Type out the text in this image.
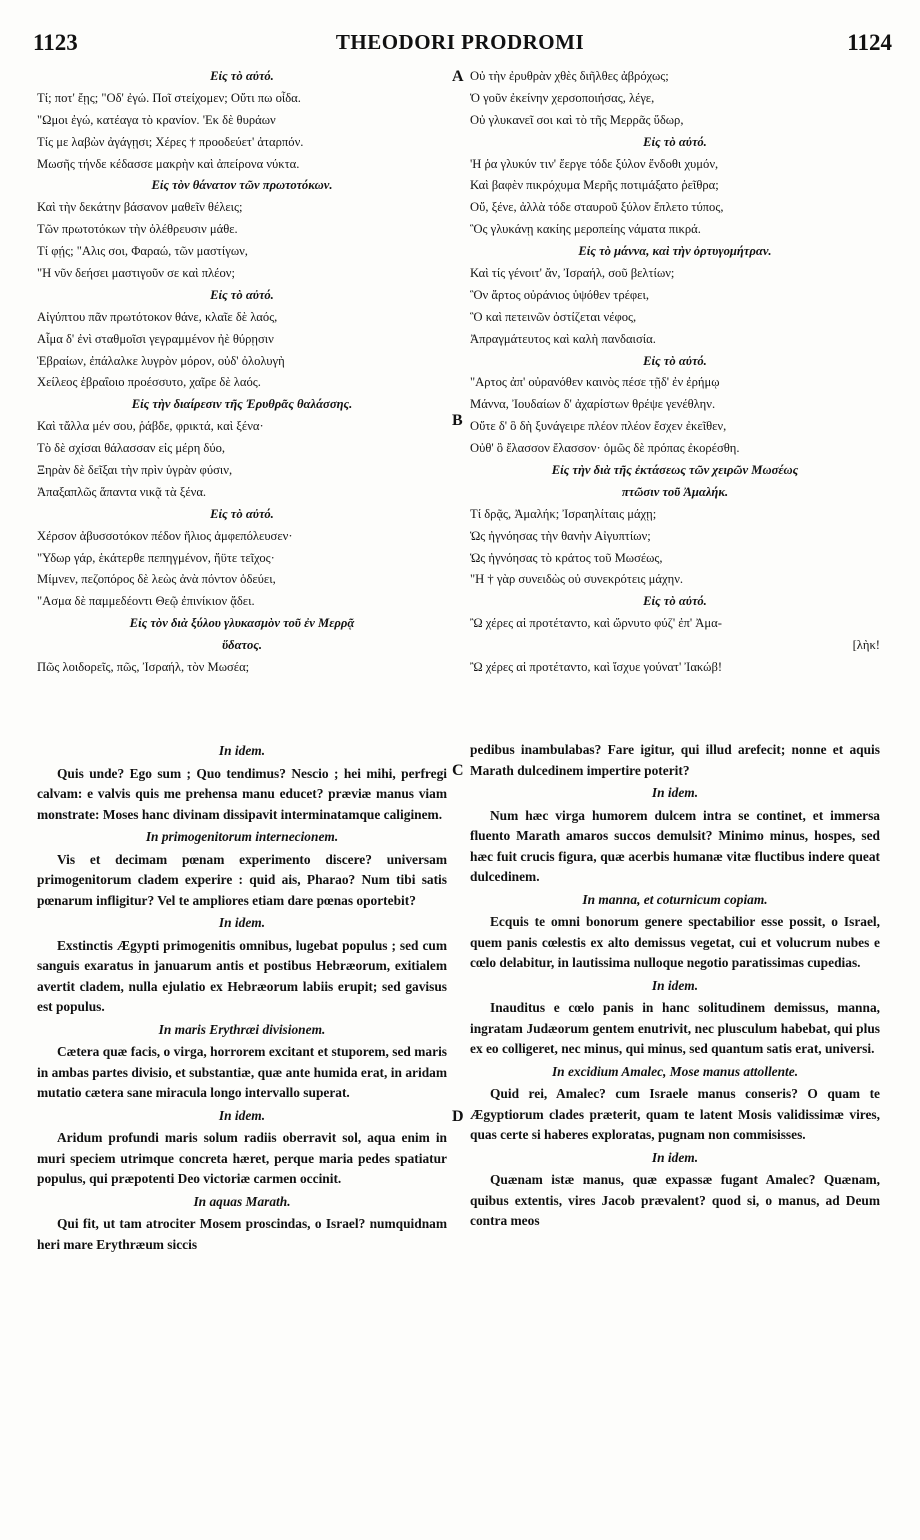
1123	THEODORI PRODROMI	1124
A
B
C
D
Εἰς τὸ αὐτό.
Τί; ποτ' ἔῃς; "Οδ' ἐγώ. Ποῖ στείχομεν; Οὔτι πω οἶδα.
"Ωμοι ἐγώ, κατέαγα τὸ κρανίον. 'Εκ δὲ θυράων
Τίς με λαβὼν ἀγάγῃσι; Χέρες † προοδεύετ' ἀταρπόν.
Μωσῆς τήνδε κέδασσε μακρὴν καὶ ἀπείρονα νύκτα.
Εἰς τὸν θάνατον τῶν πρωτοτόκων.
Καὶ τὴν δεκάτην βάσανον μαθεῖν θέλεις;
Τῶν πρωτοτόκων τὴν ὀλέθρευσιν μάθε.
Τί φῄς; "Αλις σοι, Φαραώ, τῶν μαστίγων,
"Η νῦν δεήσει μαστιγοῦν σε καὶ πλέον;
Εἰς τὸ αὐτό.
Αἰγύπτου πᾶν πρωτότοκον θάνε, κλαῖε δὲ λαός,
Αἷμα δ' ἐνὶ σταθμοῖσι γεγραμμένον ἠὲ θύρῃσιν
Ἑβραίων, ἐπάλαλκε λυγρὸν μόρον, οὐδ' ὀλολυγὴ
Χείλεος ἑβραΐοιο προέσσυτο, χαῖρε δὲ λαός.
Εἰς τὴν διαίρεσιν τῆς Ἐρυθρᾶς θαλάσσης.
Καὶ τἄλλα μέν σου, ῥάβδε, φρικτά, καὶ ξένα·
Τὸ δὲ σχίσαι θάλασσαν εἰς μέρη δύο,
Ξηρὰν δὲ δεῖξαι τὴν πρὶν ὑγρὰν φύσιν,
Ἀπαξαπλῶς ἅπαντα νικᾷ τὰ ξένα.
Εἰς τὸ αὐτό.
Χέρσον ἀβυσσοτόκον πέδον ἥλιος ἀμφεπόλευσεν·
"Υδωρ γάρ, ἑκάτερθε πεπηγμένον, ἤϋτε τεῖχος·
Μίμνεν, πεζοπόρος δὲ λεὼς ἀνὰ πόντον ὁδεύει,
"Ασμα δὲ παμμεδέοντι Θεῷ ἐπινίκιον ᾄδει.
Εἰς τὸν διὰ ξύλου γλυκασμὸν τοῦ ἐν Μερρᾷ
ὕδατος.
Πῶς λοιδορεῖς, πῶς, Ἰσραήλ, τὸν Μωσέα;
Οὐ τὴν ἐρυθρὰν χθὲς διῆλθες ἀβρόχως;
Ὁ γοῦν ἐκείνην χερσοποιήσας, λέγε,
Οὐ γλυκανεῖ σοι καὶ τὸ τῆς Μερρᾶς ὕδωρ,
Εἰς τὸ αὐτό.
'Η ῥα γλυκύν τιν' ἔεργε τόδε ξύλον ἔνδοθι χυμόν,
Καὶ βαφὲν πικρόχυμα Μερῆς ποτιμάξατο ῥεῖθρα;
Οὔ, ξένε, ἀλλὰ τόδε σταυροῦ ξύλον ἔπλετο τύπος,
Ὃς γλυκάνῃ κακίης μεροπείης νάματα πικρά.
Εἰς τὸ μάννα, καὶ τὴν ὀρτυγομήτραν.
Καὶ τίς γένοιτ' ἄν, Ἰσραήλ, σοῦ βελτίων;
Ὃν ἄρτος οὐράνιος ὑψόθεν τρέφει,
Ὃ καὶ πετεινῶν ὀστίζεται νέφος,
Ἀπραγμάτευτος καὶ καλὴ πανδαισία.
Εἰς τὸ αὐτό.
"Αρτος ἀπ' οὐρανόθεν καινὸς πέσε τῇδ' ἐν ἐρήμῳ
Μάννα, Ἰουδαίων δ' ἀχαρίστων θρέψε γενέθλην.
Οὔτε δ' ὃ δὴ ξυνάγειρε πλέον πλέον ἔσχεν ἐκεῖθεν,
Οὐθ' ὃ ἔλασσον ἔλασσον· ὁμῶς δὲ πρόπας ἐκορέσθη.
Εἰς τὴν διὰ τῆς ἐκτάσεως τῶν χειρῶν Μωσέως
πτῶσιν τοῦ Ἀμαλήκ.
Τί δρᾷς, Ἀμαλήκ; Ἰσραηλίταις μάχῃ;
Ὡς ἠγνόησας τὴν θανὴν Αἰγυπτίων;
Ὡς ἠγνόησας τὸ κράτος τοῦ Μωσέως,
"Η † γὰρ συνειδὼς οὐ συνεκρότεις μάχην.
Εἰς τὸ αὐτό.
Ὢ χέρες αἱ προτέταντο, καὶ ὤρνυτο φύζ' ἐπ' Ἀμα-
[λὴκ!
Ὢ χέρες αἱ προτέταντο, καὶ ἴσχυε γούνατ' Ἰακώβ!
In idem.
Quis unde? Ego sum ; Quo tendimus? Nescio ; hei mihi, perfregi calvam: e valvis quis me prehensa manu educet? præviæ manus viam monstrate: Moses hanc divinam dissipavit interminatamque caliginem.
In primogenitorum internecionem.
Vis et decimam pœnam experimento discere? universam primogenitorum cladem experire : quid ais, Pharao? Num tibi satis pœnarum infligitur? Vel te ampliores etiam dare pœnas oportebit?
In idem.
Exstinctis Ægypti primogenitis omnibus, lugebat populus ; sed cum sanguis exaratus in januarum antis et postibus Hebræorum, exitialem avertit cladem, nulla ejulatio ex Hebræorum labiis erupit; sed gavisus est populus.
In maris Erythræi divisionem.
Cætera quæ facis, o virga, horrorem excitant et stuporem, sed maris in ambas partes divisio, et substantiæ, quæ ante humida erat, in aridam mutatio cætera sane miracula longo intervallo superat.
In idem.
Aridum profundi maris solum radiis oberravit sol, aqua enim in muri speciem utrimque concreta hæret, perque maria pedes spatiatur populus, qui præpotenti Deo victoriæ carmen occinit.
In aquas Marath.
Qui fit, ut tam atrociter Mosem proscindas, o Israel? numquidnam heri mare Erythræum siccis
pedibus inambulabas? Fare igitur, qui illud arefecit; nonne et aquis Marath dulcedinem impertire poterit?
In idem.
Num hæc virga humorem dulcem intra se continet, et immersa fluento Marath amaros succos demulsit? Minimo minus, hospes, sed hæc fuit crucis figura, quæ acerbis humanæ vitæ fluctibus indere queat dulcedinem.
In manna, et coturnicum copiam.
Ecquis te omni bonorum genere spectabilior esse possit, o Israel, quem panis cœlestis ex alto demissus vegetat, cui et volucrum nubes e cœlo delabitur, in lautissima nulloque negotio paratissimas cupedias.
In idem.
Inauditus e cœlo panis in hanc solitudinem demissus, manna, ingratam Judæorum gentem enutrivit, nec plusculum habebat, qui plus ex eo colligeret, nec minus, qui minus, sed quantum satis erat, universi.
In excidium Amalec, Mose manus attollente.
Quid rei, Amalec? cum Israele manus conseris? O quam te Ægyptiorum clades præterit, quam te latent Mosis validissimæ vires, quas certe si haberes exploratas, pugnam non commisisses.
In idem.
Quænam istæ manus, quæ expassæ fugant Amalec? Quænam, quibus extentis, vires Jacob prævalent? quod si, o manus, ad Deum contra meos
